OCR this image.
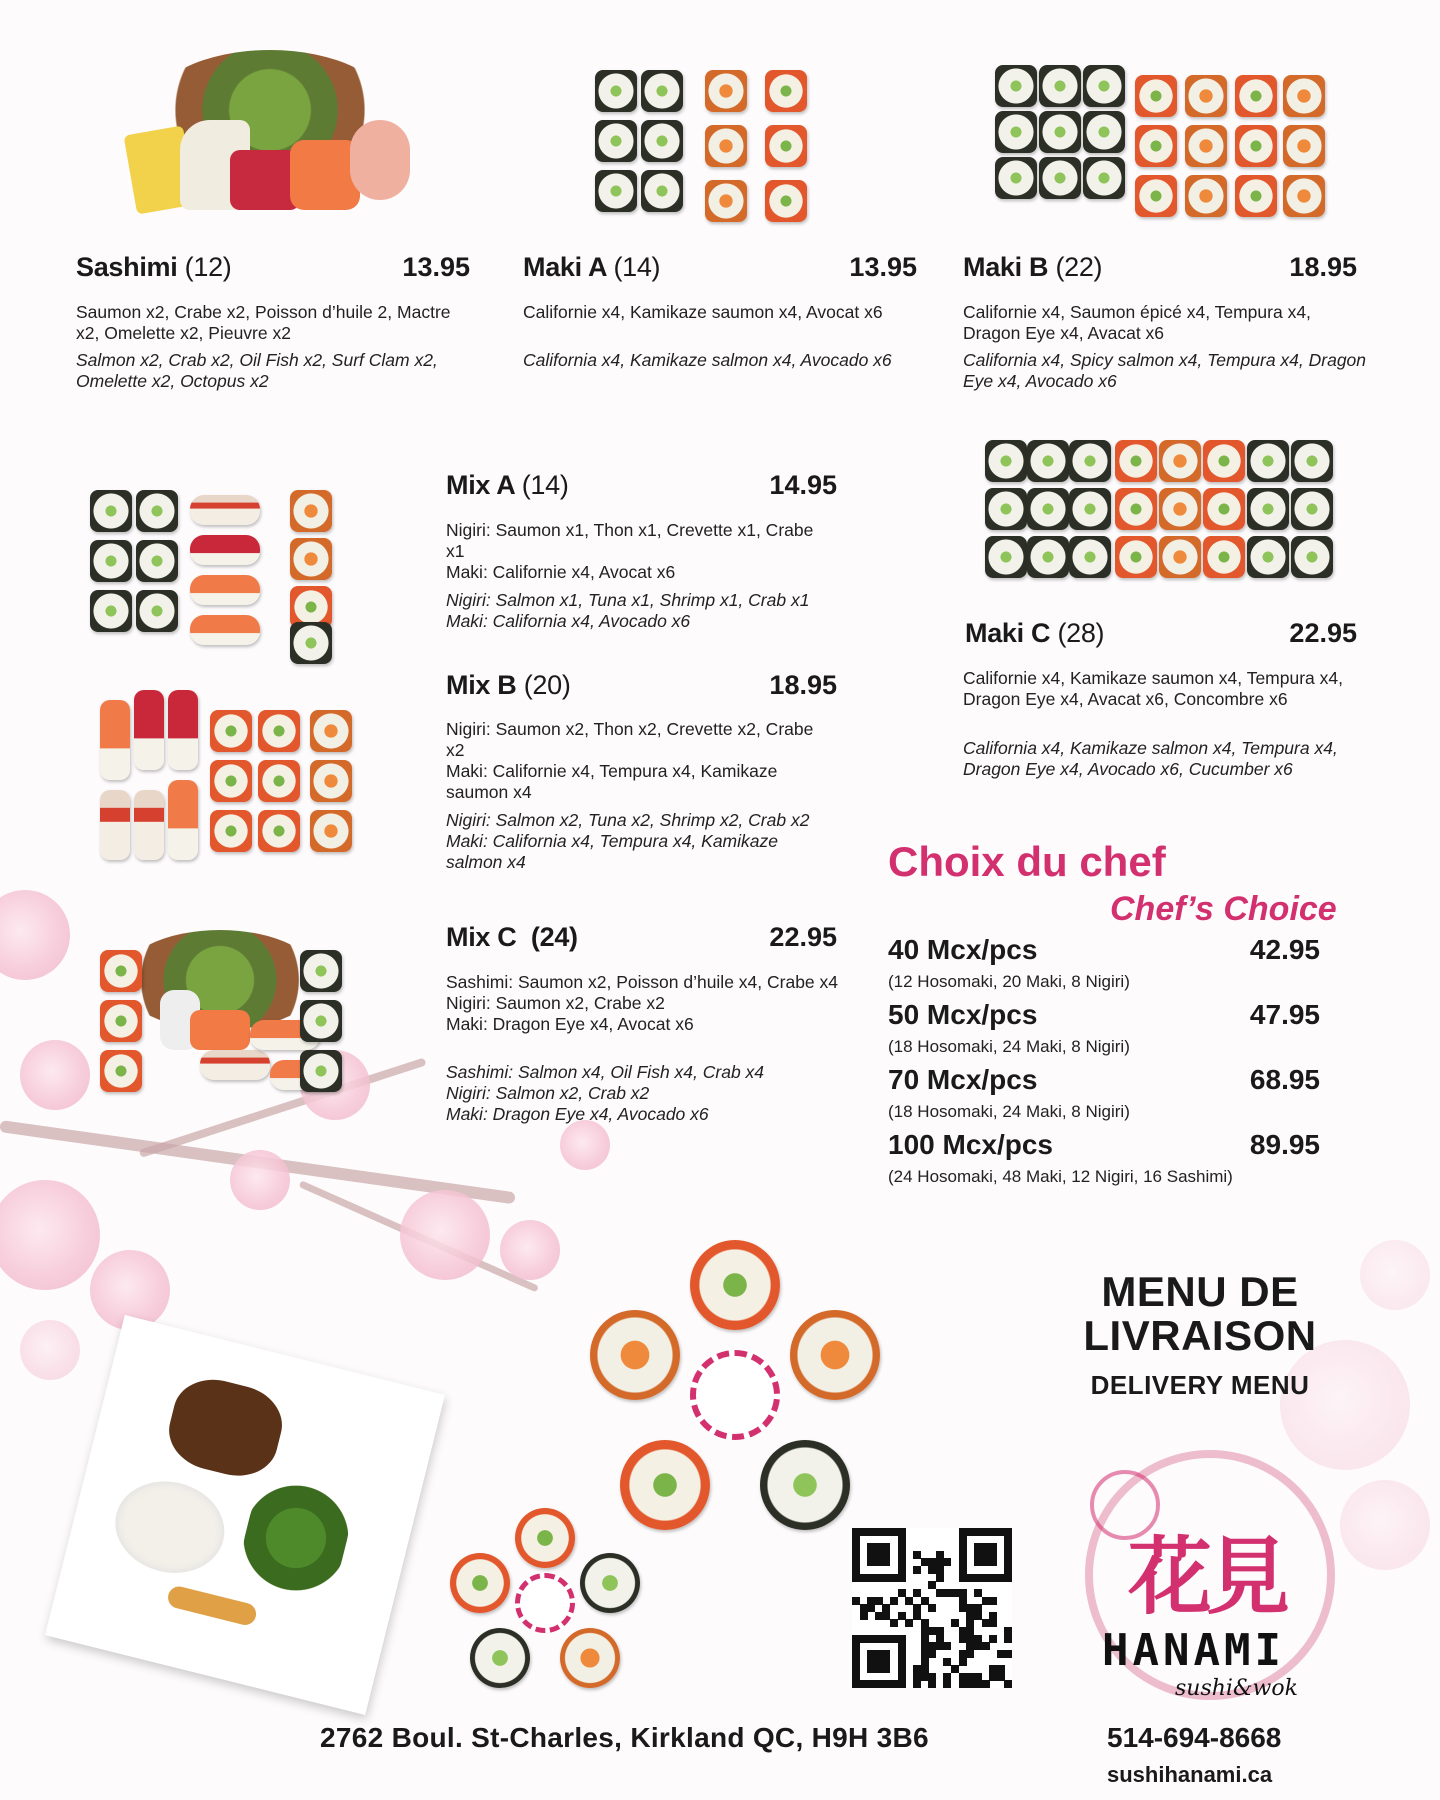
Sashimi (12)	13.95
Saumon x2, Crabe x2, Poisson d’huile 2, Mactre x2, Omelette x2, Pieuvre x2
Salmon x2, Crab x2, Oil Fish x2, Surf Clam x2, Omelette x2, Octopus x2
Maki A (14)	13.95
Californie x4, Kamikaze saumon x4, Avocat x6
California x4, Kamikaze salmon x4, Avocado x6
Maki B (22)	18.95
Californie x4, Saumon épicé x4, Tempura x4, Dragon Eye x4, Avacat x6
California x4, Spicy salmon x4, Tempura x4, Dragon Eye x4, Avocado x6
Mix A (14)	14.95
Nigiri: Saumon x1, Thon x1, Crevette x1, Crabe x1
Maki: Californie x4, Avocat x6
Nigiri: Salmon x1, Tuna x1, Shrimp x1, Crab x1
Maki: California x4, Avocado x6
Mix B (20)	18.95
Nigiri: Saumon x2, Thon x2, Crevette x2, Crabe x2
Maki: Californie x4, Tempura x4, Kamikaze saumon x4
Nigiri: Salmon x2, Tuna x2, Shrimp x2, Crab x2
Maki: California x4, Tempura x4, Kamikaze salmon x4
Mix C (24)	22.95
Sashimi: Saumon x2, Poisson d’huile x4, Crabe x4
Nigiri: Saumon x2, Crabe x2
Maki: Dragon Eye x4, Avocat x6
Sashimi: Salmon x4, Oil Fish x4, Crab x4
Nigiri: Salmon x2, Crab x2
Maki: Dragon Eye x4, Avocado x6
Maki C (28)	22.95
Californie x4, Kamikaze saumon x4, Tempura x4, Dragon Eye x4, Avacat x6, Concombre x6
California x4, Kamikaze salmon x4, Tempura x4, Dragon Eye x4, Avocado x6, Cucumber x6
Choix du chef
Chef’s Choice
40 Mcx/pcs	42.95
(12 Hosomaki, 20 Maki, 8 Nigiri)
50 Mcx/pcs	47.95
(18 Hosomaki, 24 Maki, 8 Nigiri)
70 Mcx/pcs	68.95
(18 Hosomaki, 24 Maki, 8 Nigiri)
100 Mcx/pcs	89.95
(24 Hosomaki, 48 Maki, 12 Nigiri, 16 Sashimi)
MENU DE
LIVRAISON
DELIVERY MENU
花見
HANAMI
sushi&wok
2762 Boul. St-Charles, Kirkland QC, H9H 3B6	514-694-8668
sushihanami.ca
